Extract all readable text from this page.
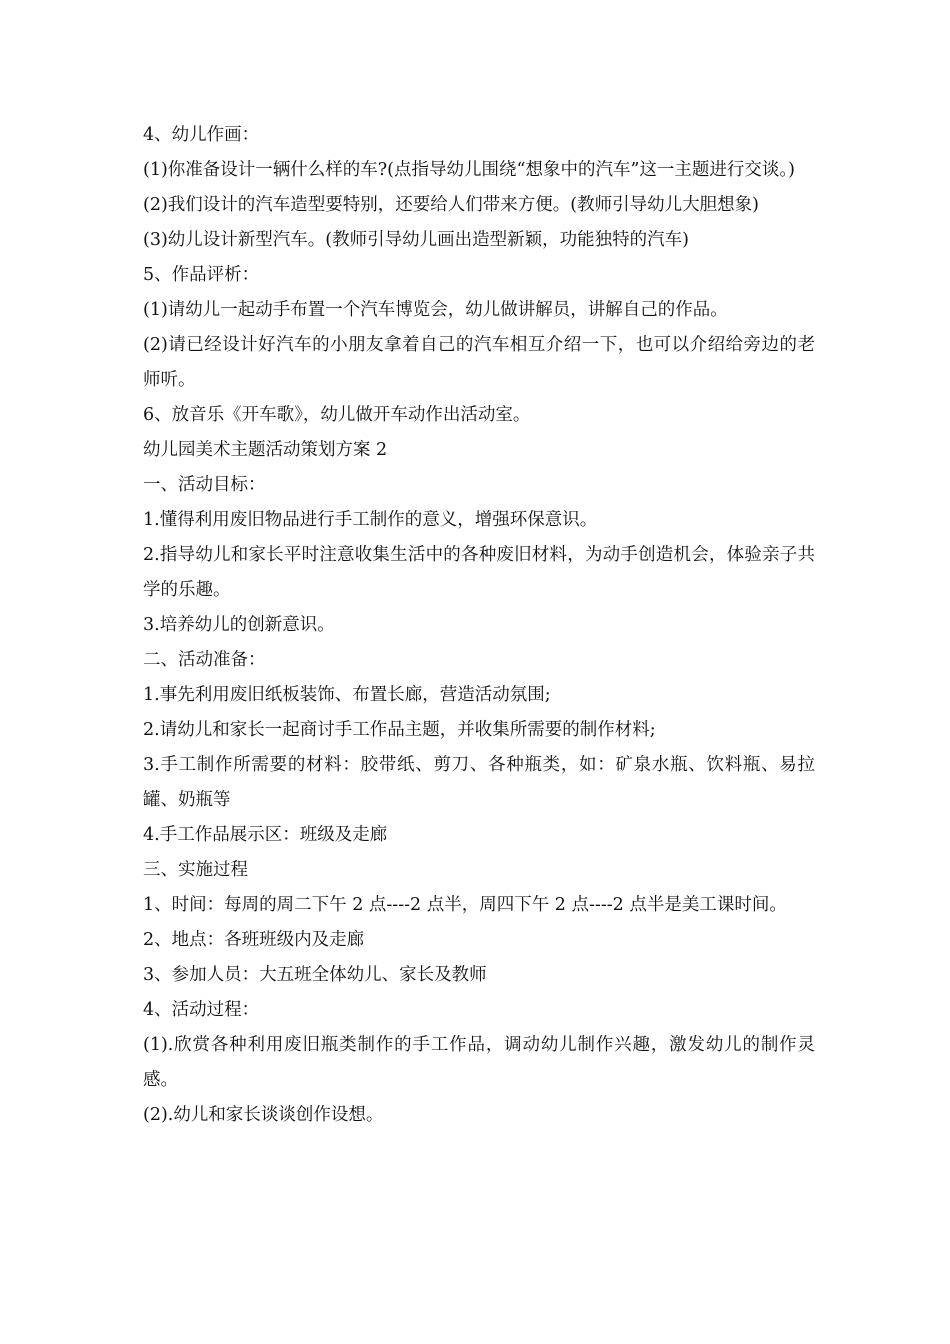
4、幼儿作画：

(1)你准备设计一辆什么样的车?(点指导幼儿围绕“想象中的汽车”这一主题进行交谈。)

(2)我们设计的汽车造型要特别，还要给人们带来方便。(教师引导幼儿大胆想象)

(3)幼儿设计新型汽车。(教师引导幼儿画出造型新颖，功能独特的汽车)

5、作品评析：

(1)请幼儿一起动手布置一个汽车博览会，幼儿做讲解员，讲解自己的作品。

(2)请已经设计好汽车的小朋友拿着自己的汽车相互介绍一下，也可以介绍给旁边的老师听。

6、放音乐《开车歌》，幼儿做开车动作出活动室。

幼儿园美术主题活动策划方案 2

一、活动目标：

1.懂得利用废旧物品进行手工制作的意义，增强环保意识。

2.指导幼儿和家长平时注意收集生活中的各种废旧材料，为动手创造机会，体验亲子共学的乐趣。

3.培养幼儿的创新意识。

二、活动准备：

1.事先利用废旧纸板装饰、布置长廊，营造活动氛围;

2.请幼儿和家长一起商讨手工作品主题，并收集所需要的制作材料;

3.手工制作所需要的材料：胶带纸、剪刀、各种瓶类，如：矿泉水瓶、饮料瓶、易拉罐、奶瓶等

4.手工作品展示区：班级及走廊

三、实施过程

1、时间：每周的周二下午 2 点----2 点半，周四下午 2 点----2 点半是美工课时间。

2、地点：各班班级内及走廊

3、参加人员：大五班全体幼儿、家长及教师

4、活动过程：

(1).欣赏各种利用废旧瓶类制作的手工作品，调动幼儿制作兴趣，激发幼儿的制作灵感。

(2).幼儿和家长谈谈创作设想。
